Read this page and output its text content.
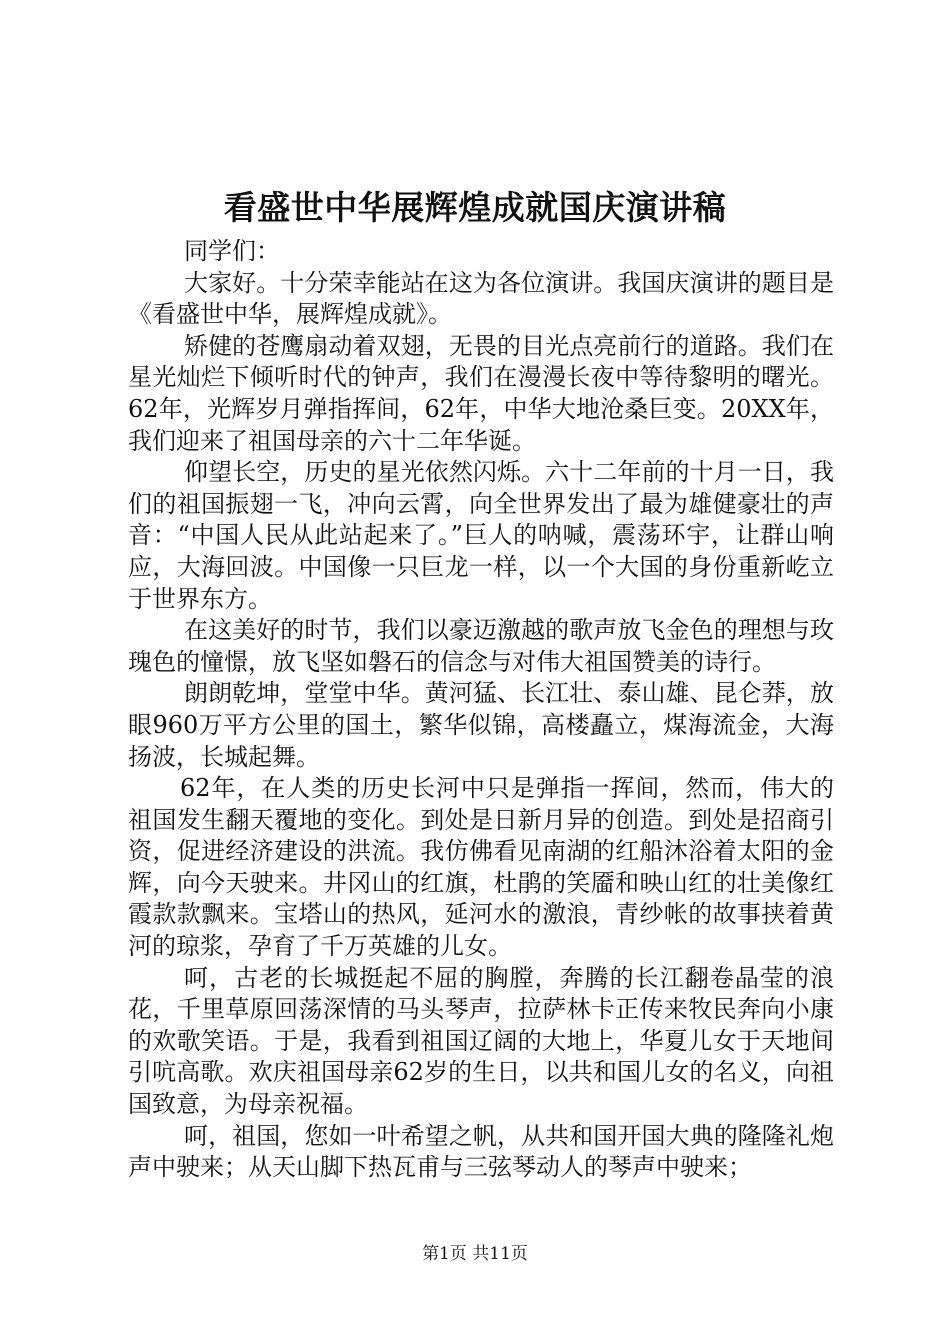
看盛世中华展辉煌成就国庆演讲稿

同学们：

大家好。十分荣幸能站在这为各位演讲。我国庆演讲的题目是《看盛世中华，展辉煌成就》。

矫健的苍鹰扇动着双翅，无畏的目光点亮前行的道路。我们在星光灿烂下倾听时代的钟声，我们在漫漫长夜中等待黎明的曙光。62年，光辉岁月弹指挥间，62年，中华大地沧桑巨变。20XX年，我们迎来了祖国母亲的六十二年华诞。

仰望长空，历史的星光依然闪烁。六十二年前的十月一日，我们的祖国振翅一飞，冲向云霄，向全世界发出了最为雄健豪壮的声音：“中国人民从此站起来了。”巨人的呐喊，震荡环宇，让群山响应，大海回波。中国像一只巨龙一样，以一个大国的身份重新屹立于世界东方。

在这美好的时节，我们以豪迈激越的歌声放飞金色的理想与玫瑰色的憧憬，放飞坚如磐石的信念与对伟大祖国赞美的诗行。

朗朗乾坤，堂堂中华。黄河猛、长江壮、泰山雄、昆仑莽，放眼960万平方公里的国土，繁华似锦，高楼矗立，煤海流金，大海扬波，长城起舞。

62年，在人类的历史长河中只是弹指一挥间，然而，伟大的祖国发生翻天覆地的变化。到处是日新月异的创造。到处是招商引资，促进经济建设的洪流。我仿佛看见南湖的红船沐浴着太阳的金辉，向今天驶来。井冈山的红旗，杜鹃的笑靥和映山红的壮美像红霞款款飘来。宝塔山的热风，延河水的激浪，青纱帐的故事挟着黄河的琼浆，孕育了千万英雄的儿女。

呵，古老的长城挺起不屈的胸膛，奔腾的长江翻卷晶莹的浪花，千里草原回荡深情的马头琴声，拉萨林卡正传来牧民奔向小康的欢歌笑语。于是，我看到祖国辽阔的大地上，华夏儿女于天地间引吭高歌。欢庆祖国母亲62岁的生日，以共和国儿女的名义，向祖国致意，为母亲祝福。

呵，祖国，您如一叶希望之帆，从共和国开国大典的隆隆礼炮声中驶来；从天山脚下热瓦甫与三弦琴动人的琴声中驶来；

第1页 共11页
